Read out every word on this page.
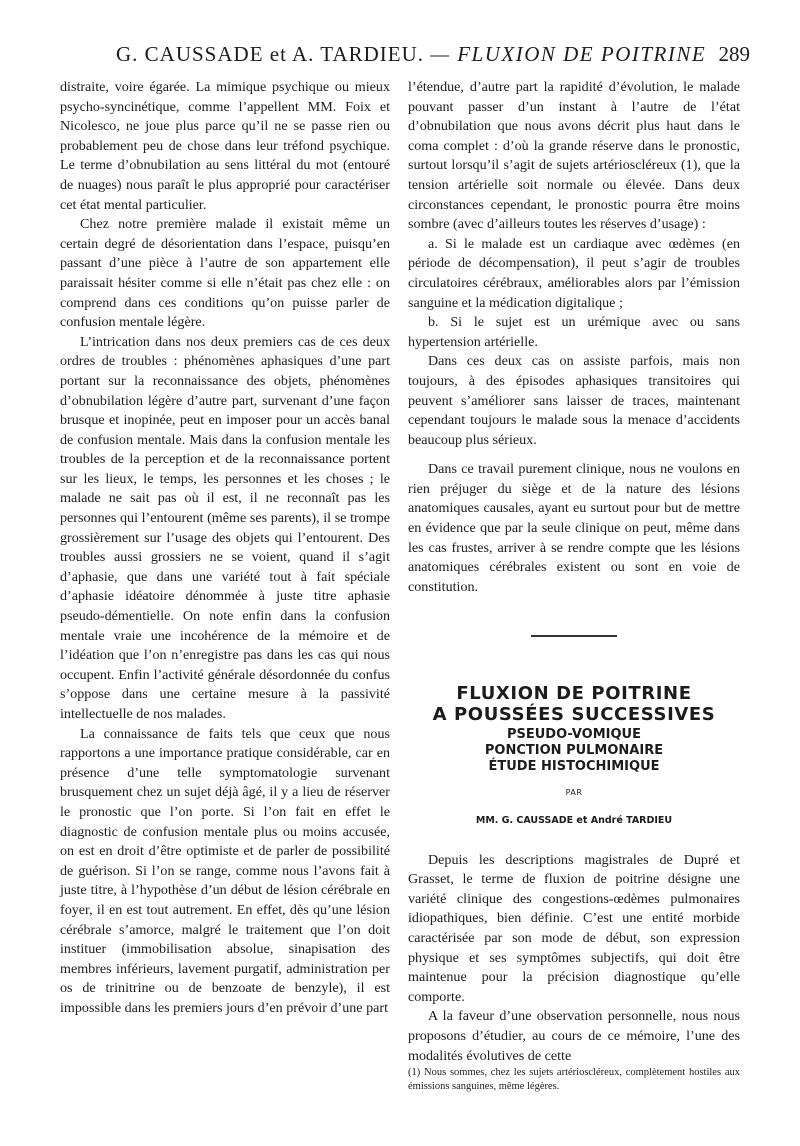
G. CAUSSADE et A. TARDIEU. — FLUXION DE POITRINE 289

distraite, voire égarée. La mimique psychique ou mieux psycho-syncinétique, comme l’appellent MM. Foix et Nicolesco, ne joue plus parce qu’il ne se passe rien ou probablement peu de chose dans leur tréfond psychique. Le terme d’obnubilation au sens littéral du mot (entouré de nuages) nous paraît le plus approprié pour caractériser cet état mental particulier.

Chez notre première malade il existait même un certain degré de désorientation dans l’espace, puisqu’en passant d’une pièce à l’autre de son appartement elle paraissait hésiter comme si elle n’était pas chez elle : on comprend dans ces conditions qu’on puisse parler de confusion mentale légère.

L’intrication dans nos deux premiers cas de ces deux ordres de troubles : phénomènes aphasiques d’une part portant sur la reconnaissance des objets, phénomènes d’obnubilation légère d’autre part, survenant d’une façon brusque et inopinée, peut en imposer pour un accès banal de confusion mentale. Mais dans la confusion mentale les troubles de la perception et de la reconnaissance portent sur les lieux, le temps, les personnes et les choses ; le malade ne sait pas où il est, il ne reconnaît pas les personnes qui l’entourent (même ses parents), il se trompe grossièrement sur l’usage des objets qui l’entourent. Des troubles aussi grossiers ne se voient, quand il s’agit d’aphasie, que dans une variété tout à fait spéciale d’aphasie idéatoire dénommée à juste titre aphasie pseudo-démentielle. On note enfin dans la confusion mentale vraie une incohérence de la mémoire et de l’idéation que l’on n’enregistre pas dans les cas qui nous occupent. Enfin l’activité générale désordonnée du confus s’oppose dans une certaine mesure à la passivité intellectuelle de nos malades.

La connaissance de faits tels que ceux que nous rapportons a une importance pratique considérable, car en présence d’une telle symptomatologie survenant brusquement chez un sujet déjà âgé, il y a lieu de réserver le pronostic que l’on porte. Si l’on fait en effet le diagnostic de confusion mentale plus ou moins accusée, on est en droit d’être optimiste et de parler de possibilité de guérison. Si l’on se range, comme nous l’avons fait à juste titre, à l’hypothèse d’un début de lésion cérébrale en foyer, il en est tout autrement. En effet, dès qu’une lésion cérébrale s’amorce, malgré le traitement que l’on doit instituer (immobilisation absolue, sinapisation des membres inférieurs, lavement purgatif, administration per os de trinitrine ou de benzoate de benzyle), il est impossible dans les premiers jours d’en prévoir d’une part

l’étendue, d’autre part la rapidité d’évolution, le malade pouvant passer d’un instant à l’autre de l’état d’obnubilation que nous avons décrit plus haut dans le coma complet : d’où la grande réserve dans le pronostic, surtout lorsqu’il s’agit de sujets artérioscléreux (1), que la tension artérielle soit normale ou élevée. Dans deux circonstances cependant, le pronostic pourra être moins sombre (avec d’ailleurs toutes les réserves d’usage) :

a. Si le malade est un cardiaque avec œdèmes (en période de décompensation), il peut s’agir de troubles circulatoires cérébraux, améliorables alors par l’émission sanguine et la médication digitalique ;

b. Si le sujet est un urémique avec ou sans hypertension artérielle.

Dans ces deux cas on assiste parfois, mais non toujours, à des épisodes aphasiques transitoires qui peuvent s’améliorer sans laisser de traces, maintenant cependant toujours le malade sous la menace d’accidents beaucoup plus sérieux.

Dans ce travail purement clinique, nous ne voulons en rien préjuger du siège et de la nature des lésions anatomiques causales, ayant eu surtout pour but de mettre en évidence que par la seule clinique on peut, même dans les cas frustes, arriver à se rendre compte que les lésions anatomiques cérébrales existent ou sont en voie de constitution.

FLUXION DE POITRINE
A POUSSÉES SUCCESSIVES
PSEUDO-VOMIQUE
PONCTION PULMONAIRE
ÉTUDE HISTOCHIMIQUE
PAR
MM. G. CAUSSADE et André TARDIEU

Depuis les descriptions magistrales de Dupré et Grasset, le terme de fluxion de poitrine désigne une variété clinique des congestions-œdèmes pulmonaires idiopathiques, bien définie. C’est une entité morbide caractérisée par son mode de début, son expression physique et ses symptômes subjectifs, qui doit être maintenue pour la précision diagnostique qu’elle comporte.

A la faveur d’une observation personnelle, nous nous proposons d’étudier, au cours de ce mémoire, l’une des modalités évolutives de cette

(1) Nous sommes, chez les sujets artérioscléreux, complètement hostiles aux émissions sanguines, même légères.
